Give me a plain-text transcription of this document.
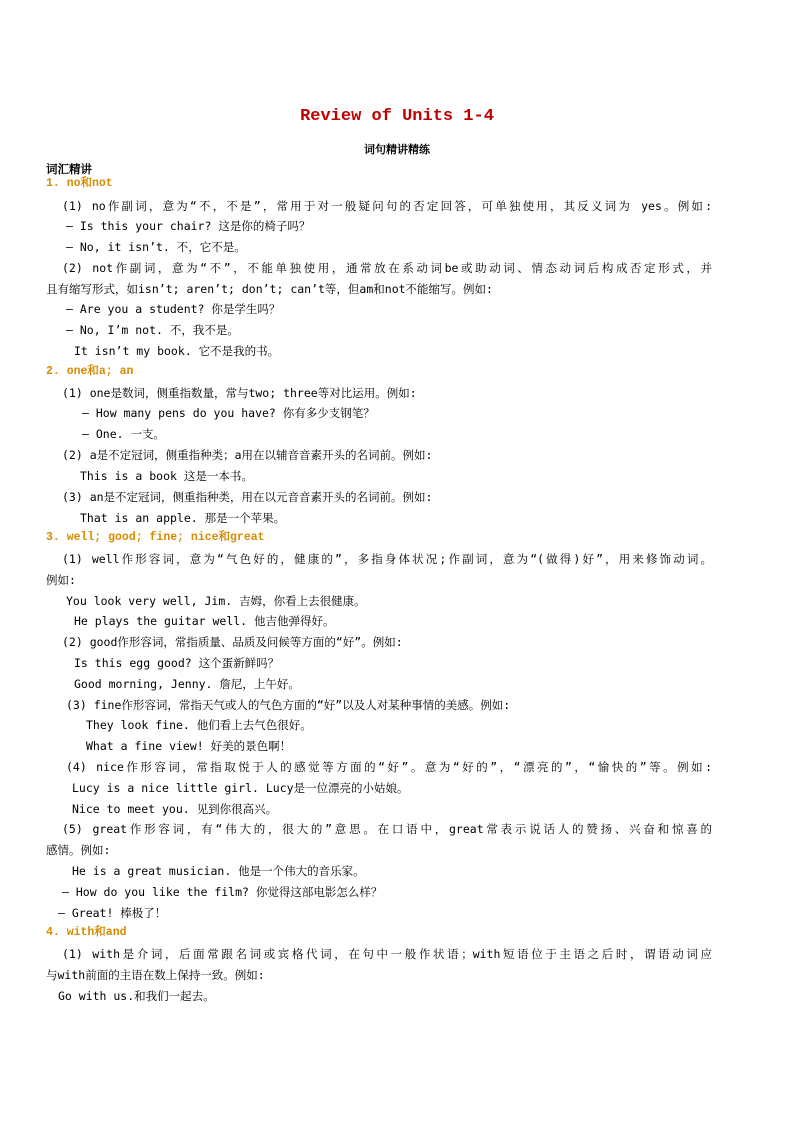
Review of Units 1-4
词句精讲精练
词汇精讲
1. no和not
(1) no作副词，意为“不，不是”，常用于对一般疑问句的否定回答，可单独使用，其反义词为 yes。例如:
— Is this your chair? 这是你的椅子吗？
— No, it isn’t. 不，它不是。
(2) not作副词，意为“不”，不能单独使用，通常放在系动词be或助动词、情态动词后构成否定形式，并
且有缩写形式，如isn’t; aren’t; don’t; can’t等，但am和not不能缩写。例如:
— Are you a student? 你是学生吗？
— No, I’m not. 不，我不是。
It isn’t my book. 它不是我的书。
2. one和a; an
(1) one是数词，侧重指数量，常与two; three等对比运用。例如:
— How many pens do you have? 你有多少支钢笔？
— One. 一支。
(2) a是不定冠词，侧重指种类；a用在以辅音音素开头的名词前。例如:
This is a book 这是一本书。
(3) an是不定冠词，侧重指种类，用在以元音音素开头的名词前。例如:
That is an apple. 那是一个苹果。
3. well; good; fine; nice和great
(1) well作形容词，意为“气色好的，健康的”，多指身体状况;作副词，意为“(做得)好”，用来修饰动词。
例如:
You look very well, Jim. 吉姆，你看上去很健康。
He plays the guitar well. 他吉他弹得好。
(2) good作形容词，常指质量、品质及问候等方面的“好”。例如:
Is this egg good? 这个蛋新鲜吗？
Good morning, Jenny. 詹尼，上午好。
(3) fine作形容词，常指天气或人的气色方面的“好”以及人对某种事情的美感。例如:
They look fine. 他们看上去气色很好。
What a fine view! 好美的景色啊！
(4) nice作形容词，常指取悦于人的感觉等方面的“好”。意为“好的”，“漂亮的”，“愉快的”等。例如:
Lucy is a nice little girl. Lucy是一位漂亮的小姑娘。
Nice to meet you. 见到你很高兴。
(5) great作形容词，有“伟大的，很大的”意思。在口语中，great常表示说话人的赞扬、兴奋和惊喜的
感情。例如:
He is a great musician. 他是一个伟大的音乐家。
— How do you like the film? 你觉得这部电影怎么样？
— Great! 棒极了！
4. with和and
(1) with是介词，后面常跟名词或宾格代词，在句中一般作状语；with短语位于主语之后时，谓语动词应
与with前面的主语在数上保持一致。例如:
Go with us.和我们一起去。
